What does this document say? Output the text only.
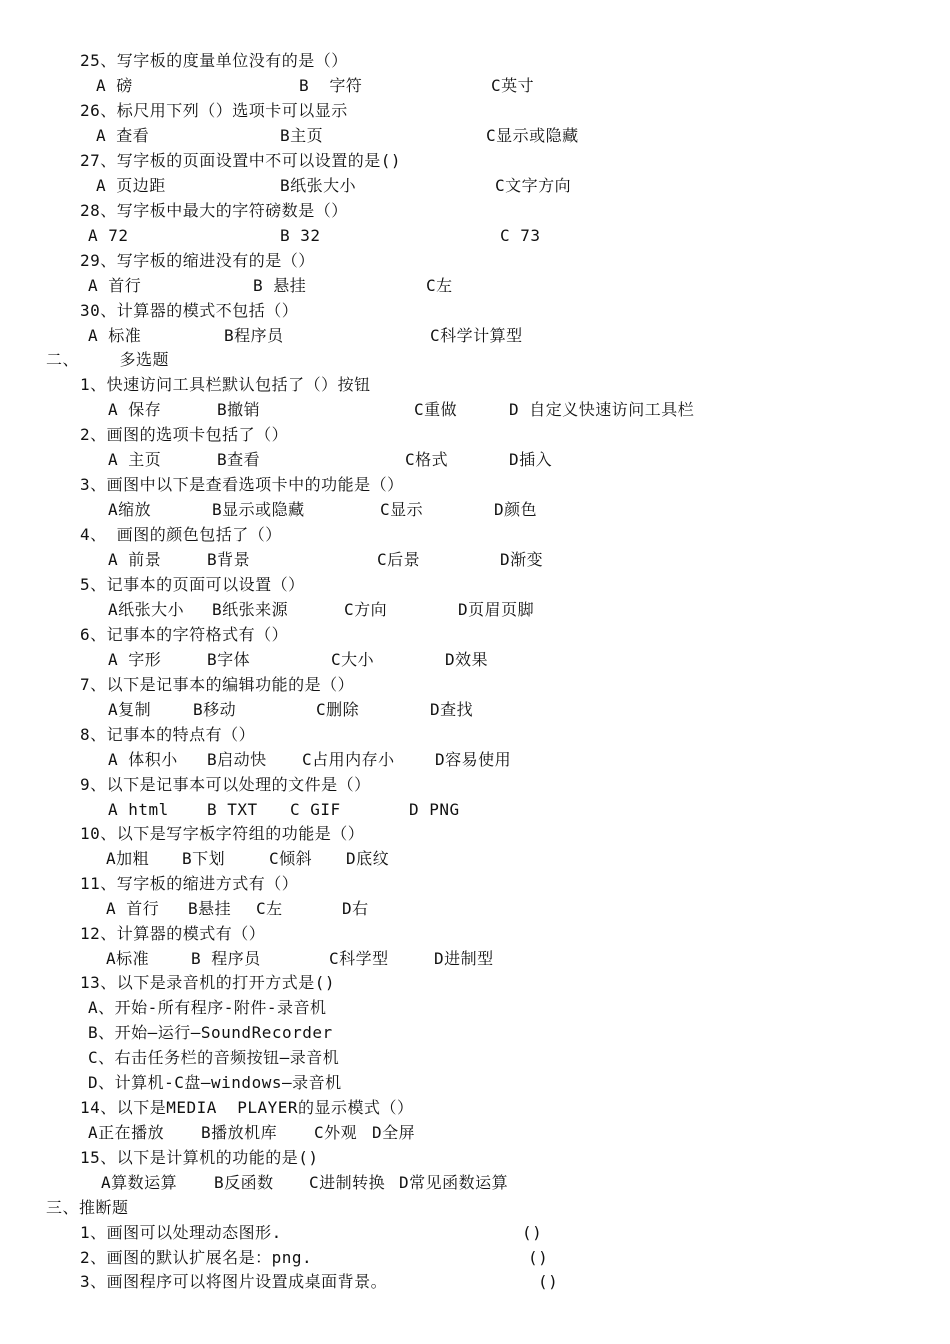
25、写字板的度量单位没有的是（）

A 磅

	B  字符

	C英寸

26、标尺用下列（）选项卡可以显示

A 查看

	B主页

	C显示或隐藏

27、写字板的页面设置中不可以设置的是()

A 页边距

	B纸张大小

	C文字方向

28、写字板中最大的字符磅数是（）

A 72

	B 32

	C 73

29、写字板的缩进没有的是（）

A 首行

	B 悬挂

	C左

30、计算器的模式不包括（）

A 标准

	B程序员

	C科学计算型

二、    多选题
1、快速访问工具栏默认包括了（）按钮

A 保存

	B撤销

	C重做

	D 自定义快速访问工具栏

2、画图的选项卡包括了（）

A 主页

	B查看

	C格式

	D插入

3、画图中以下是查看选项卡中的功能是（）

A缩放

	B显示或隐藏

	C显示

	D颜色

4、 画图的颜色包括了（）

A 前景

	B背景

	C后景

	D渐变

5、记事本的页面可以设置（）

A纸张大小

B纸张来源

	C方向

	D页眉页脚

6、记事本的字符格式有（）

A 字形

	B字体

	C大小

	D效果

7、以下是记事本的编辑功能的是（）

A复制

	B移动

	C删除

	D查找

8、记事本的特点有（）

A 体积小

B启动快

C占用内存小

	D容易使用

9、以下是记事本可以处理的文件是（）

A html

B TXT

C GIF

	D PNG

10、以下是写字板字符组的功能是（）

A加粗

B下划

	C倾斜

D底纹

11、写字板的缩进方式有（）

A 首行

B悬挂

C左

	D右

12、计算器的模式有（）

A标准

	B 程序员

	C科学型

	D进制型

13、以下是录音机的打开方式是()
A、开始-所有程序-附件-录音机
B、开始—运行—SoundRecorder
C、右击任务栏的音频按钮—录音机
D、计算机-C盘—windows—录音机
14、以下是MEDIA  PLAYER的显示模式（）

A正在播放

B播放机库

C外观

D全屏

15、以下是计算机的功能的是()

A算数运算

B反函数

C进制转换

D常见函数运算

三、推断题
1、画图可以处理动态图形.	()
2、画图的默认扩展名是：png.	()
3、画图程序可以将图片设置成桌面背景。	()
